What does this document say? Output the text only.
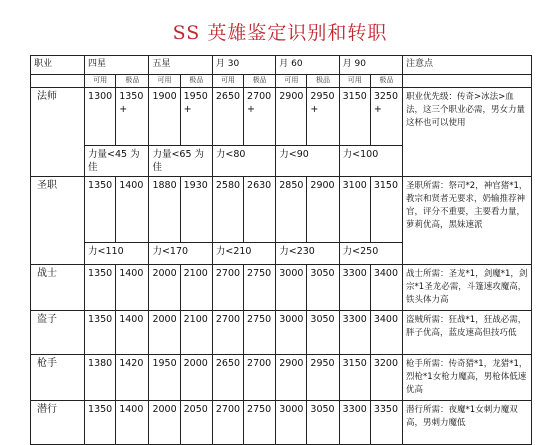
SS 英雄鉴定识别和转职
职业	四星		五星		月 30		月 60		月 90		注意点
	可用	极品	可用	极品	可用	极品	可用	极品	可用	极品	
法师	1300	1350 +	1900	1950 +	2650	2700 +	2900	2950 +	3150	3250 +	职业优先级：传奇>冰法>血法，这三个职业必需，男女力量这杯也可以使用
	力量<45 为佳		力量<65 为佳		力<80		力<90		力<100		
圣职	1350	1400	1880	1930	2580	2630	2850	2900	3100	3150	圣职所需：祭司*2，神官猪*1，教宗和贤者无要求，奶输推荐神官，评分不重要，主要看力量，萝莉优高，黑妹速派
	力<110		力<170		力<210		力<230		力<250		
战士	1350	1400	2000	2100	2700	2750	3000	3050	3300	3400	战士所需：圣龙*1，剑魔*1，剑宗*1圣龙必需，斗篷速攻魔高，铁头体力高
盗子	1350	1400	2000	2100	2700	2750	3000	3050	3300	3400	盗贼所需：狂战*1，狂战必需，胖子优高，蓝皮速高但技巧低
枪手	1380	1420	1950	2000	2650	2700	2900	2950	3150	3200	枪手所需：传奇猎*1，龙猎*1，烈枪*1女枪力魔高，男枪体低速优高
潜行	1350	1400	2000	2050	2700	2750	3000	3050	3300	3350	潜行所需：夜魔*1女刺力魔双高，男刺力魔低
